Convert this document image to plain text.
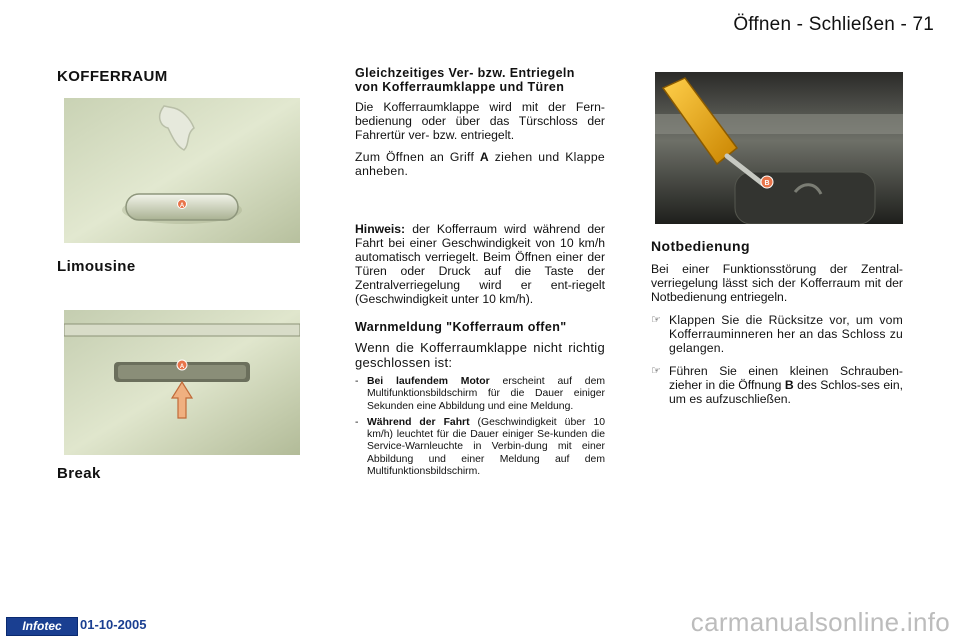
Öffnen - Schließen - 71
KOFFERRAUM
A
Limousine
A
Break
Gleichzeitiges Ver- bzw. Entriegeln von Kofferraumklappe und Türen
Die Kofferraumklappe wird mit der Fern-bedienung oder über das Türschloss der Fahrertür ver- bzw. entriegelt.
Zum Öffnen an Griff A ziehen und Klappe anheben.
Hinweis: der Kofferraum wird während der Fahrt bei einer Geschwindigkeit von 10 km/h automatisch verriegelt. Beim Öffnen einer der Türen oder Druck auf die Taste der Zentralverriegelung wird er ent-riegelt (Geschwindigkeit unter 10 km/h).
Warnmeldung "Kofferraum offen"
Wenn die Kofferraumklappe nicht richtig geschlossen ist:
- Bei laufendem Motor erscheint auf dem Multifunktionsbildschirm für die Dauer einiger Sekunden eine Abbildung und eine Meldung.
- Während der Fahrt (Geschwindigkeit über 10 km/h) leuchtet für die Dauer einiger Se-kunden die Service-Warnleuchte in Verbin-dung mit einer Abbildung und einer Meldung auf dem Multifunktionsbildschirm.
B
Notbedienung
Bei einer Funktionsstörung der Zentral-verriegelung lässt sich der Kofferraum mit der Notbedienung entriegeln.
☞ Klappen Sie die Rücksitze vor, um vom Kofferrauminneren her an das Schloss zu gelangen.
☞ Führen Sie einen kleinen Schrauben-zieher in die Öffnung B des Schlos-ses ein, um es aufzuschließen.
Infotec	01-10-2005	carmanualsonline.info
